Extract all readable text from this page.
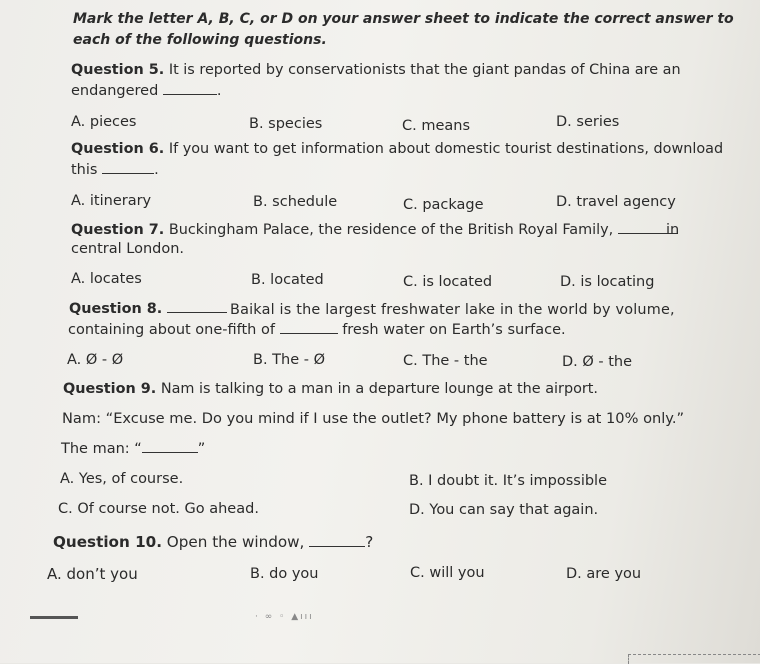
Mark the letter A, B, C, or D on your answer sheet to indicate the correct answer to
each of the following questions.
Question 5. It is reported by conservationists that the giant pandas of China are an
endangered	.
A. pieces	B. species	C. means	D. series
Question 6. If you want to get information about domestic tourist destinations, download
this	.
A. itinerary	B. schedule	C. package	D. travel agency
Question 7. Buckingham Palace, the residence of the British Royal Family,	in
central London.
A. locates	B. located	C. is located	D. is locating
Question 8.	Baikal is the largest freshwater lake in the world by volume,
containing about one-fifth of	fresh water on Earth’s surface.
A. Ø - Ø	B. The - Ø	C. The - the	D. Ø - the
Question 9. Nam is talking to a man in a departure lounge at the airport.
Nam: “Excuse me. Do you mind if I use the outlet? My phone battery is at 10% only.”
The man: “	”
A. Yes, of course.	B. I doubt it. It’s impossible
C. Of course not. Go ahead.	D. You can say that again.
Question 10. Open the window,	?
A. don’t you	B. do you	C. will you	D. are you
· ∞ ◦ ▲ııı
